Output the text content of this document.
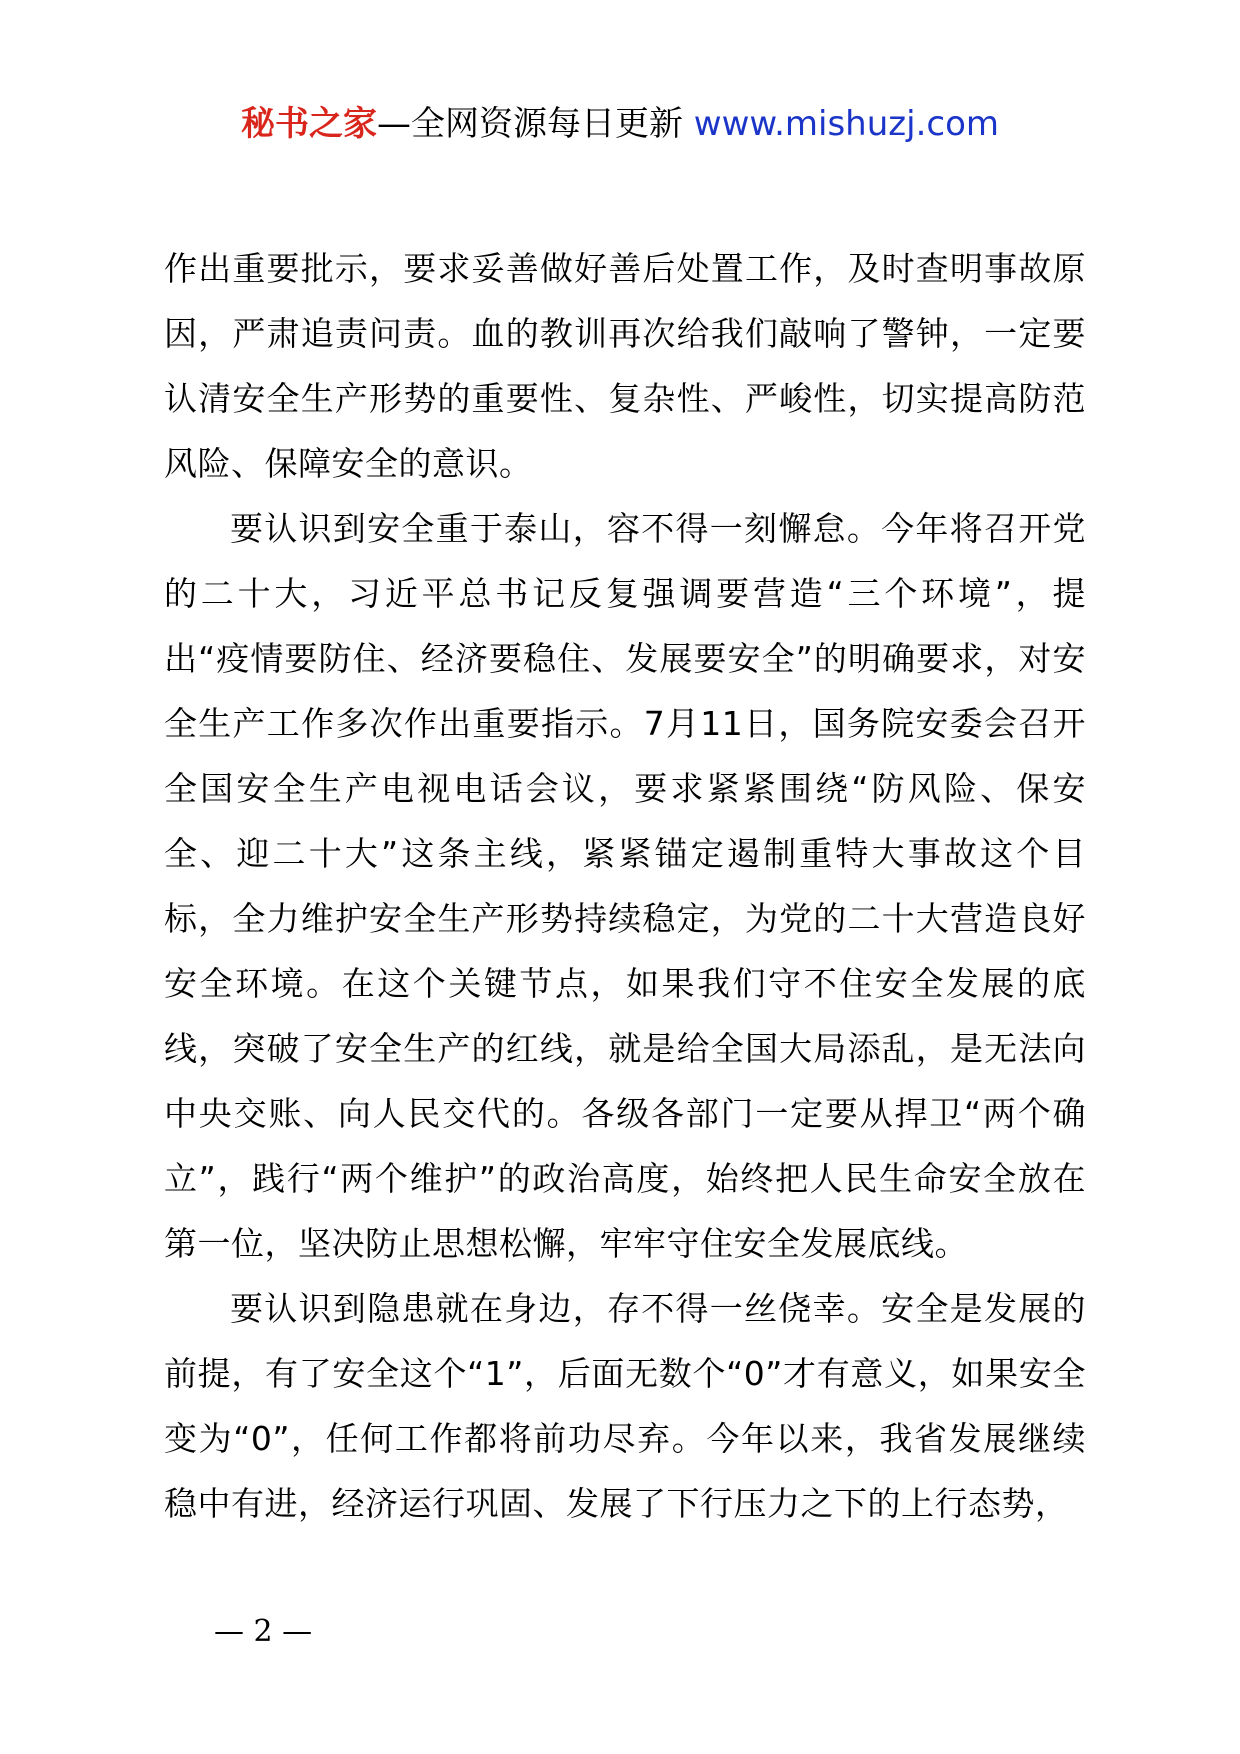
秘书之家—全网资源每日更新 www.mishuzj.com

作出重要批示，要求妥善做好善后处置工作，及时查明事故原因，严肃追责问责。血的教训再次给我们敲响了警钟，一定要认清安全生产形势的重要性、复杂性、严峻性，切实提高防范风险、保障安全的意识。

要认识到安全重于泰山，容不得一刻懈怠。今年将召开党的二十大，习近平总书记反复强调要营造“三个环境”，提出“疫情要防住、经济要稳住、发展要安全”的明确要求，对安全生产工作多次作出重要指示。7月11日，国务院安委会召开全国安全生产电视电话会议，要求紧紧围绕“防风险、保安全、迎二十大”这条主线，紧紧锚定遏制重特大事故这个目标，全力维护安全生产形势持续稳定，为党的二十大营造良好安全环境。在这个关键节点，如果我们守不住安全发展的底线，突破了安全生产的红线，就是给全国大局添乱，是无法向中央交账、向人民交代的。各级各部门一定要从捍卫“两个确立”，践行“两个维护”的政治高度，始终把人民生命安全放在第一位，坚决防止思想松懈，牢牢守住安全发展底线。

要认识到隐患就在身边，存不得一丝侥幸。安全是发展的前提，有了安全这个“1”，后面无数个“0”才有意义，如果安全变为“0”，任何工作都将前功尽弃。今年以来，我省发展继续稳中有进，经济运行巩固、发展了下行压力之下的上行态势，

— 2 —
